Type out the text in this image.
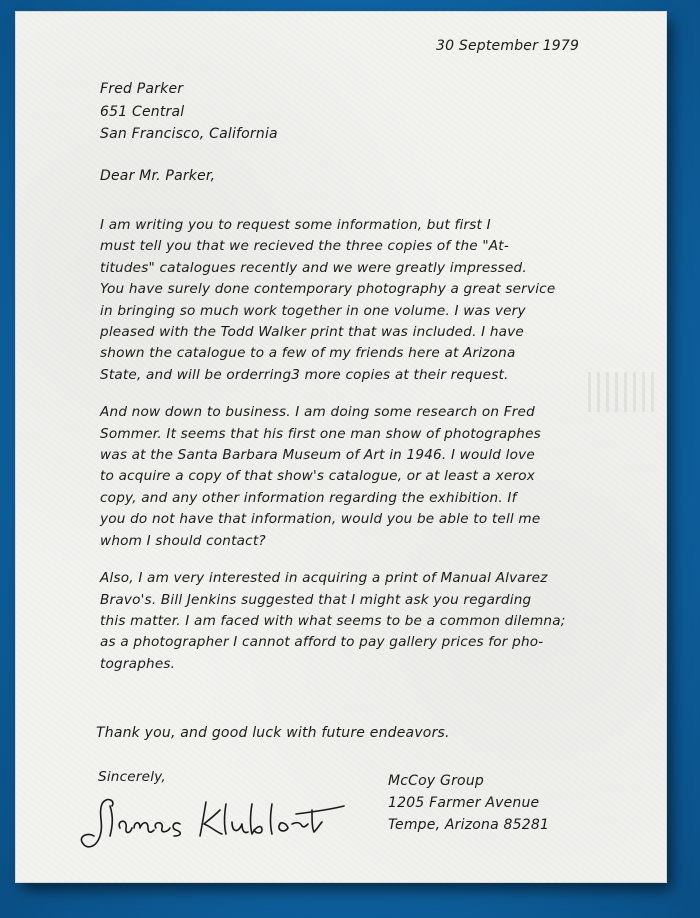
30 September 1979
Fred Parker
651 Central
San Francisco, California
Dear Mr. Parker,
I am writing you to request some information, but first I
must tell you that we recieved the three copies of the "At-
titudes" catalogues recently and we were greatly impressed.
You have surely done contemporary photography a great service
in bringing so much work together in one volume. I was very
pleased with the Todd Walker print that was included. I have
shown the catalogue to a few of my friends here at Arizona
State, and will be orderring3 more copies at their request.
And now down to business. I am doing some research on Fred
Sommer. It seems that his first one man show of photographes
was at the Santa Barbara Museum of Art in 1946. I would love
to acquire a copy of that show's catalogue, or at least a xerox
copy, and any other information regarding the exhibition. If
you do not have that information, would you be able to tell me
whom I should contact?
Also, I am very interested in acquiring a print of Manual Alvarez
Bravo's. Bill Jenkins suggested that I might ask you regarding
this matter. I am faced with what seems to be a common dilemna;
as a photographer I cannot afford to pay gallery prices for pho-
tographes.
Thank you, and good luck with future endeavors.
Sincerely,	McCoy Group
1205 Farmer Avenue
Tempe, Arizona 85281
